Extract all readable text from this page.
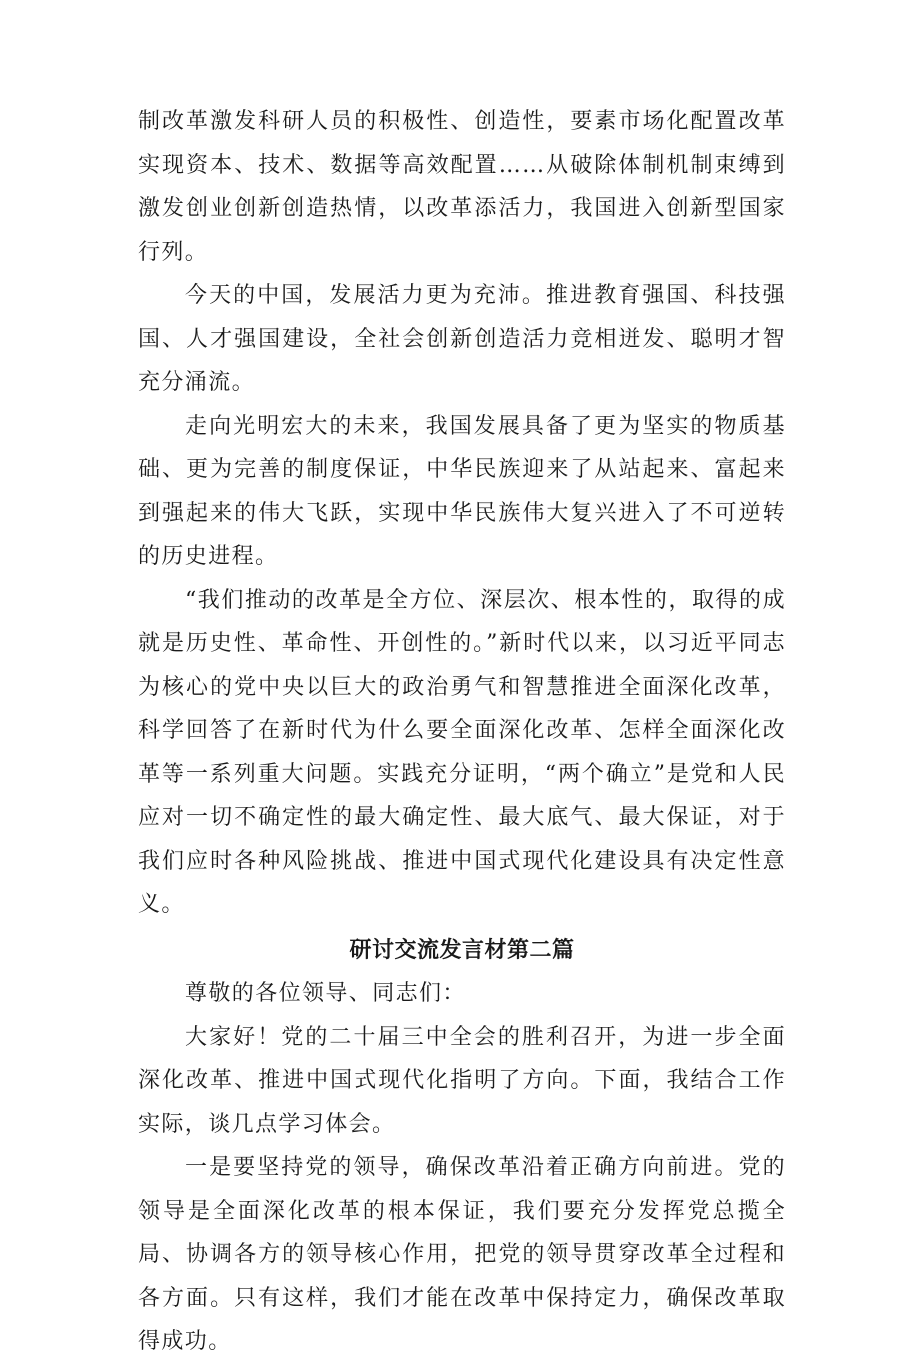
制改革激发科研人员的积极性、创造性，要素市场化配置改革实现资本、技术、数据等高效配置……从破除体制机制束缚到激发创业创新创造热情，以改革添活力，我国进入创新型国家行列。

今天的中国，发展活力更为充沛。推进教育强国、科技强国、人才强国建设，全社会创新创造活力竞相迸发、聪明才智充分涌流。

走向光明宏大的未来，我国发展具备了更为坚实的物质基础、更为完善的制度保证，中华民族迎来了从站起来、富起来到强起来的伟大飞跃，实现中华民族伟大复兴进入了不可逆转的历史进程。

“我们推动的改革是全方位、深层次、根本性的，取得的成就是历史性、革命性、开创性的。”新时代以来，以习近平同志为核心的党中央以巨大的政治勇气和智慧推进全面深化改革，科学回答了在新时代为什么要全面深化改革、怎样全面深化改革等一系列重大问题。实践充分证明，“两个确立”是党和人民应对一切不确定性的最大确定性、最大底气、最大保证，对于我们应时各种风险挑战、推进中国式现代化建设具有决定性意义。

研讨交流发言材第二篇

尊敬的各位领导、同志们：

大家好！党的二十届三中全会的胜利召开，为进一步全面深化改革、推进中国式现代化指明了方向。下面，我结合工作实际，谈几点学习体会。

一是要坚持党的领导，确保改革沿着正确方向前进。党的领导是全面深化改革的根本保证，我们要充分发挥党总揽全局、协调各方的领导核心作用，把党的领导贯穿改革全过程和各方面。只有这样，我们才能在改革中保持定力，确保改革取得成功。
